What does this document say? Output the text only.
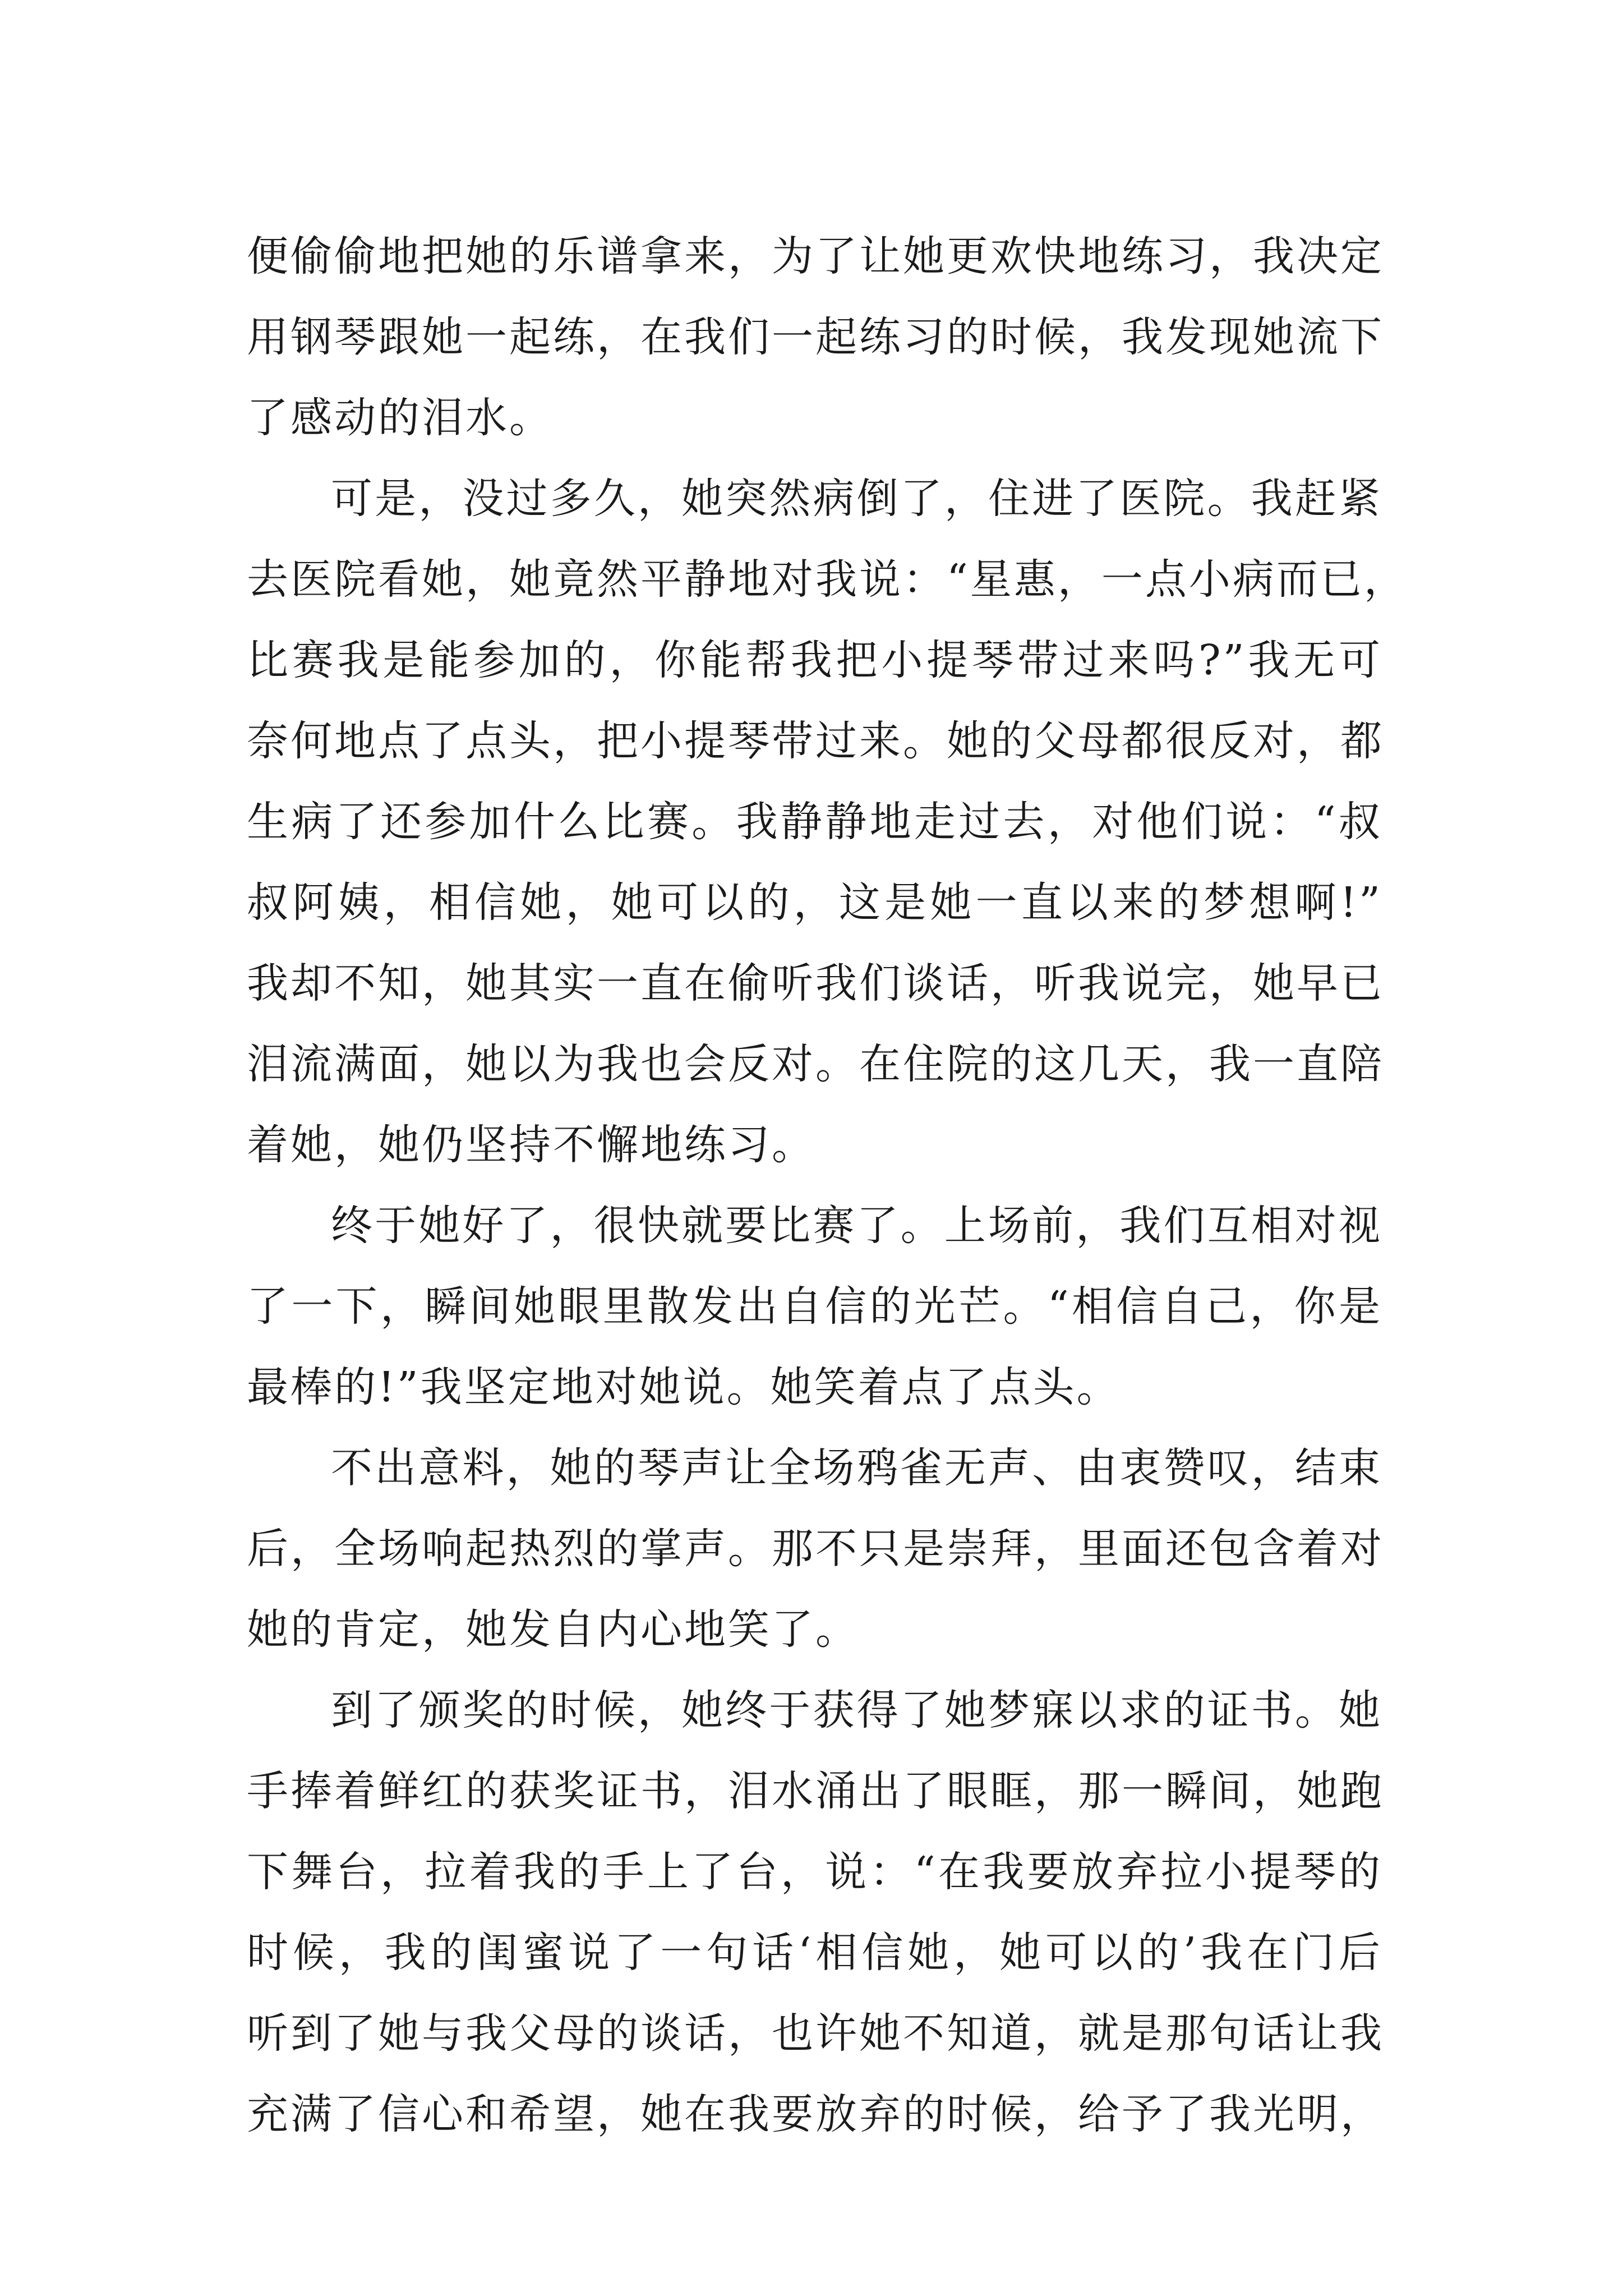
便偷偷地把她的乐谱拿来，为了让她更欢快地练习，我决定
用钢琴跟她一起练，在我们一起练习的时候，我发现她流下
了感动的泪水。
可是，没过多久，她突然病倒了，住进了医院。我赶紧
去医院看她，她竟然平静地对我说：“星惠，一点小病而已，
比赛我是能参加的，你能帮我把小提琴带过来吗?”我无可
奈何地点了点头，把小提琴带过来。她的父母都很反对，都
生病了还参加什么比赛。我静静地走过去，对他们说：“叔
叔阿姨，相信她，她可以的，这是她一直以来的梦想啊!”
我却不知，她其实一直在偷听我们谈话，听我说完，她早已
泪流满面，她以为我也会反对。在住院的这几天，我一直陪
着她，她仍坚持不懈地练习。
终于她好了，很快就要比赛了。上场前，我们互相对视
了一下，瞬间她眼里散发出自信的光芒。“相信自己，你是
最棒的!”我坚定地对她说。她笑着点了点头。
不出意料，她的琴声让全场鸦雀无声、由衷赞叹，结束
后，全场响起热烈的掌声。那不只是崇拜，里面还包含着对
她的肯定，她发自内心地笑了。
到了颁奖的时候，她终于获得了她梦寐以求的证书。她
手捧着鲜红的获奖证书，泪水涌出了眼眶，那一瞬间，她跑
下舞台，拉着我的手上了台，说：“在我要放弃拉小提琴的
时候，我的闺蜜说了一句话‘相信她，她可以的’我在门后
听到了她与我父母的谈话，也许她不知道，就是那句话让我
充满了信心和希望，她在我要放弃的时候，给予了我光明，
